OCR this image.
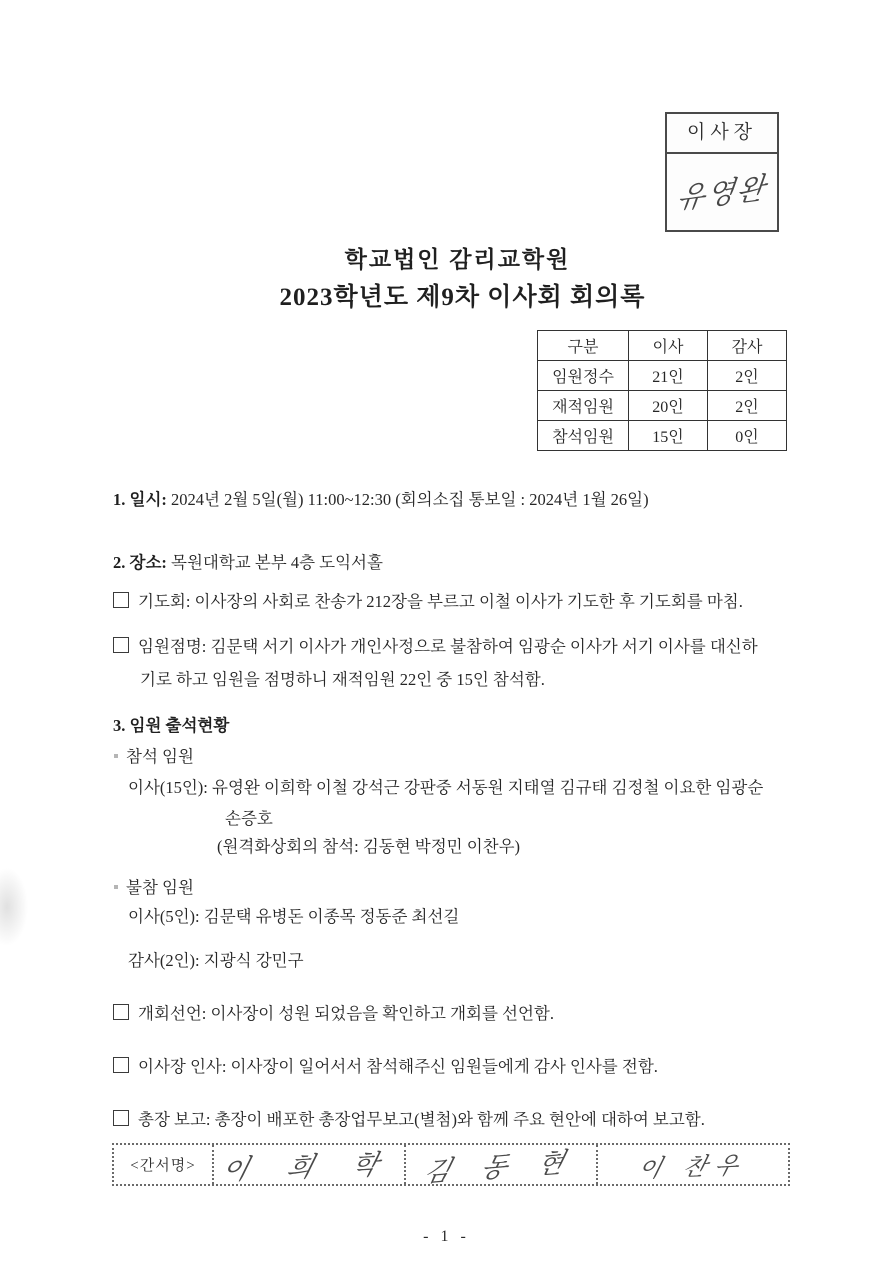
이사장
유영완
학교법인 감리교학원
2023학년도 제9차 이사회 회의록
구분	이사	감사
임원정수	21인	2인
재적임원	20인	2인
참석임원	15인	0인
1. 일시: 2024년 2월 5일(월) 11:00~12:30 (회의소집 통보일 : 2024년 1월 26일)
2. 장소: 목원대학교 본부 4층 도익서홀
기도회: 이사장의 사회로 찬송가 212장을 부르고 이철 이사가 기도한 후 기도회를 마침.
임원점명: 김문택 서기 이사가 개인사정으로 불참하여 임광순 이사가 서기 이사를 대신하
기로 하고 임원을 점명하니 재적임원 22인 중 15인 참석함.
3. 임원 출석현황
참석 임원
이사(15인): 유영완 이희학 이철 강석근 강판중 서동원 지태열 김규태 김정철 이요한 임광순
손증호
(원격화상회의 참석: 김동현 박정민 이찬우)
불참 임원
이사(5인): 김문택 유병돈 이종목 정동준 최선길
감사(2인): 지광식 강민구
개회선언: 이사장이 성원 되었음을 확인하고 개회를 선언함.
이사장 인사: 이사장이 일어서서 참석해주신 임원들에게 감사 인사를 전함.
총장 보고: 총장이 배포한 총장업무보고(별첨)와 함께 주요 현안에 대하여 보고함.
<간서명> 이 희 학 김 동 현 이 찬우
- 1 -
